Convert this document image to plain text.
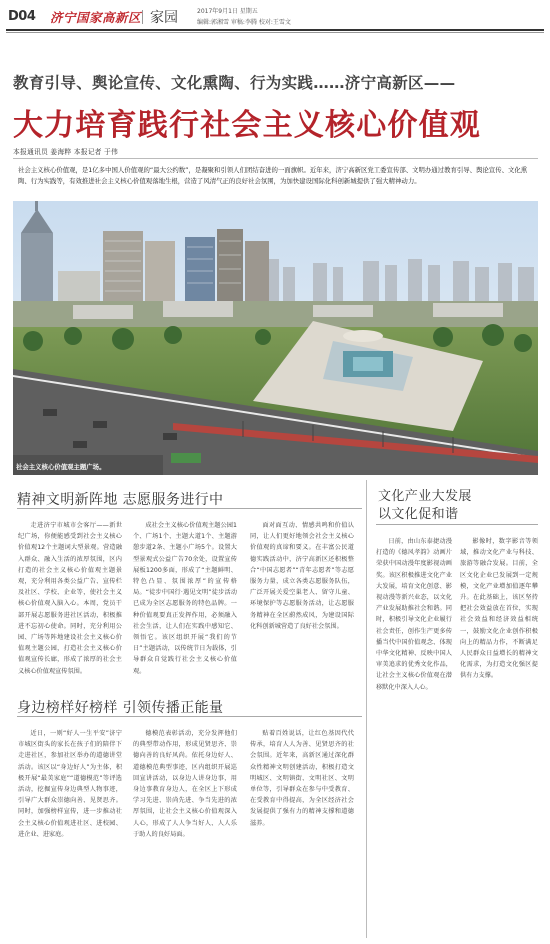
D04 济宁国家高新区 家园	2017年9月1日 星期五
编辑:郭湘雪 审稿:李腾 校对:王雪文
教育引导、舆论宣传、文化熏陶、行为实践……济宁高新区——
大力培育践行社会主义核心价值观
本报通讯员 姜海粹 本报记者 于伟
社会主义核心价值观，是1亿多中国人价值观的“最大公约数”，是凝聚和引领人们团结奋进的一面旗帜。近年来，济宁高新区党工委宣传部、文明办通过教育引导、舆论宣传、文化熏陶、行为实践等，有效推进社会主义核心价值观落地生根，营造了风清气正的良好社会氛围，为加快建设国际化科创新城提供了强大精神动力。
社会主义核心价值观主题广场。
精神文明新阵地 志愿服务进行中

走进济宁市城市会客厅——新世纪广场，你便能感受到社会主义核心价值观12个主题词大型景观。营造融入群众、融入生活的浓厚氛围，区内打造的社会主义核心价值观主题景观，充分利用各类公益广告、宣传栏及社区、学校、企业等，使社会主义核心价值观入脑入心。本周，党员干部开展志愿服务进社区活动，积极推进不忘初心使命。同时，充分利用公园、广场等阵地建设社会主义核心价值观主题公园，打造社会主义核心价值观宣传长廊，形成了浓厚的社会主义核心价值观宣传氛围。

成社会主义核心价值观主题公园1个、广场1个、主题大道1个、主题游憩步道2条、主题小广场5个。设置大型景观式公益广告70余处，设置宣传展板1200多面，形成了“主题鲜明、特色凸显、氛围浓厚”的宣传格局。“徒步中国行·遇见文明”徒步活动已成为全区志愿服务的特色品牌。一种价值观要真正发挥作用，必须融入社会生活，让人们在实践中感知它、领悟它。该区组织开展“我们的节日”主题活动，以传统节日为载体，引导群众自觉践行社会主义核心价值观。

面对面互动、情感共鸣和价值认同，让人们更好地领会社会主义核心价值观的真谛和要义。在丰富公民道德实践活动中，济宁高新区还积极整合“中国志愿者”“青年志愿者”等志愿服务力量，成立各类志愿服务队伍，广泛开展关爱空巢老人、留守儿童、环境保护等志愿服务活动，让志愿服务精神在全区蔚然成风，为建设国际化科创新城营造了良好社会氛围。

身边榜样好榜样 引领传播正能量

近日，一则“好人一生平安”济宁市城区街头的家长在孩子们的陪伴下走进社区，参加社区举办的道德讲堂活动。该区以“身边好人”为主体，积极开展“最美家庭”“道德模范”等评选活动，挖掘宣传身边典型人物事迹，引导广大群众崇德向善、见贤思齐。同时，加强榜样宣传，进一步推动社会主义核心价值观进社区、进校园、进企业、进家庭。

德模范表彰活动，充分发挥他们的典型带动作用，形成见贤思齐、崇德向善的良好风尚。依托身边好人、道德模范典型事迹，区内组织开展巡回宣讲活动，以身边人讲身边事，用身边事教育身边人，在全区上下形成学习先进、崇尚先进、争当先进的浓厚氛围，让社会主义核心价值观深入人心，形成了人人争当好人、人人乐于助人的良好局面。

贴着百姓说话，让红色基因代代传承，培育人人为善、见贤思齐的社会氛围。近年来，高新区通过深化群众性精神文明创建活动，积极打造文明城区、文明镇街、文明社区、文明单位等，引导群众在参与中受教育、在受教育中得提高，为全区经济社会发展提供了强有力的精神支撑和道德滋养。

文化产业大发展
以文化促和谐

日前，由山东泰捷动漫打造的《德风孝韵》动画片荣获中国动漫年度影视动画奖。该区积极推进文化产业大发展，培育文化创意、影视动漫等新兴业态，以文化产业发展助推社会和谐。同时，积极引导文化企业履行社会责任，创作生产更多传播当代中国价值观念、体现中华文化精神、反映中国人审美追求的优秀文化作品，让社会主义核心价值观在潜移默化中深入人心。

影像时，数字影音等领域，推动文化产业与科技、旅游等融合发展。目前，全区文化企业已发展到一定规模，文化产业增加值逐年攀升。在此基础上，该区坚持把社会效益放在首位，实现社会效益和经济效益相统一，鼓励文化企业创作积极向上的精品力作，不断满足人民群众日益增长的精神文化需求，为打造文化强区提供有力支撑。
